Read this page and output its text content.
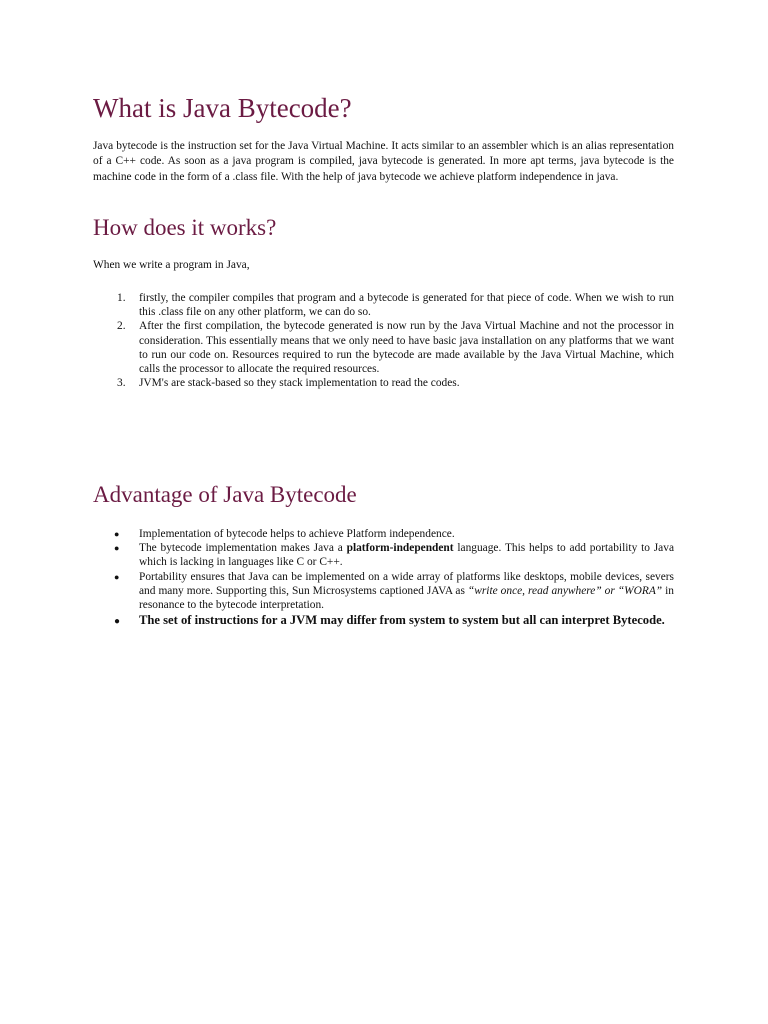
What is Java Bytecode?

Java bytecode is the instruction set for the Java Virtual Machine. It acts similar to an assembler which is an alias representation of a C++ code. As soon as a java program is compiled, java bytecode is generated. In more apt terms, java bytecode is the machine code in the form of a .class file. With the help of java bytecode we achieve platform independence in java.

How does it works?

When we write a program in Java,

1. firstly, the compiler compiles that program and a bytecode is generated for that piece of code. When we wish to run this .class file on any other platform, we can do so.
2. After the first compilation, the bytecode generated is now run by the Java Virtual Machine and not the processor in consideration. This essentially means that we only need to have basic java installation on any platforms that we want to run our code on. Resources required to run the bytecode are made available by the Java Virtual Machine, which calls the processor to allocate the required resources.
3. JVM's are stack-based so they stack implementation to read the codes.
Advantage of Java Bytecode
● Implementation of bytecode helps to achieve Platform independence.
● The bytecode implementation makes Java a platform-independent language. This helps to add portability to Java which is lacking in languages like C or C++.
● Portability ensures that Java can be implemented on a wide array of platforms like desktops, mobile devices, severs and many more. Supporting this, Sun Microsystems captioned JAVA as “write once, read anywhere” or “WORA” in resonance to the bytecode interpretation.
● The set of instructions for a JVM may differ from system to system but all can interpret Bytecode.
